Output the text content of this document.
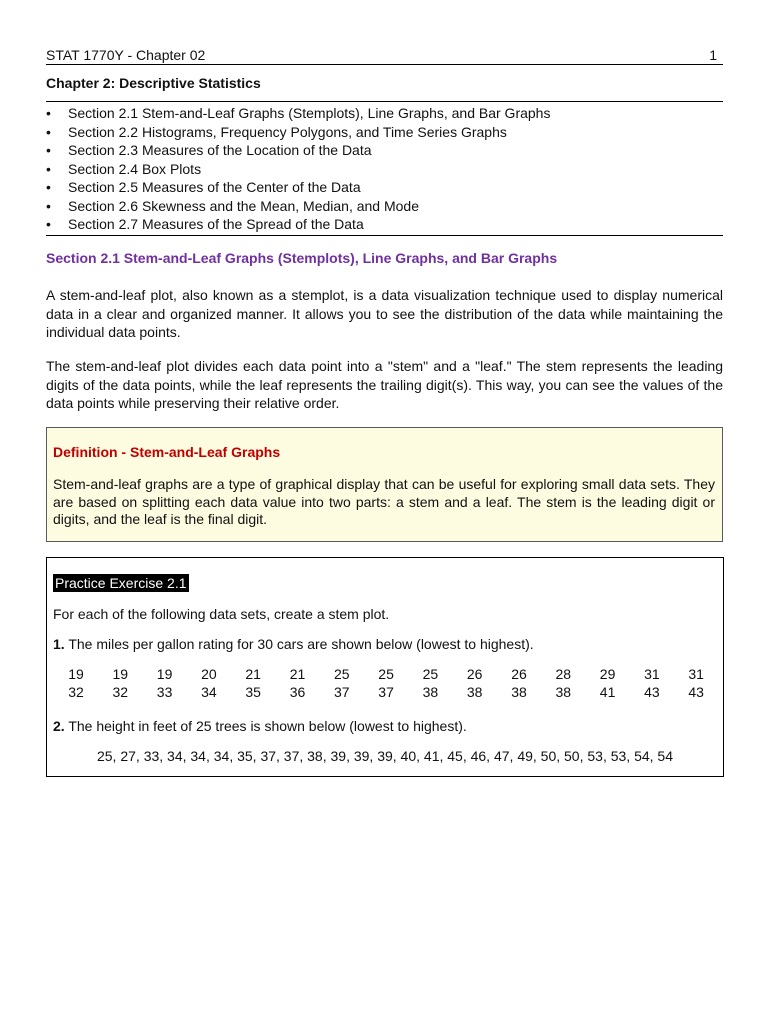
STAT 1770Y - Chapter 02	1
Chapter 2: Descriptive Statistics
• Section 2.1 Stem-and-Leaf Graphs (Stemplots), Line Graphs, and Bar Graphs
• Section 2.2 Histograms, Frequency Polygons, and Time Series Graphs
• Section 2.3 Measures of the Location of the Data
• Section 2.4 Box Plots
• Section 2.5 Measures of the Center of the Data
• Section 2.6 Skewness and the Mean, Median, and Mode
• Section 2.7 Measures of the Spread of the Data
Section 2.1 Stem-and-Leaf Graphs (Stemplots), Line Graphs, and Bar Graphs
A stem-and-leaf plot, also known as a stemplot, is a data visualization technique used to display numerical data in a clear and organized manner. It allows you to see the distribution of the data while maintaining the individual data points.
The stem-and-leaf plot divides each data point into a "stem" and a "leaf." The stem represents the leading digits of the data points, while the leaf represents the trailing digit(s). This way, you can see the values of the data points while preserving their relative order.
Definition - Stem-and-Leaf Graphs
Stem-and-leaf graphs are a type of graphical display that can be useful for exploring small data sets. They are based on splitting each data value into two parts: a stem and a leaf. The stem is the leading digit or digits, and the leaf is the final digit.
Practice Exercise 2.1
For each of the following data sets, create a stem plot.
1. The miles per gallon rating for 30 cars are shown below (lowest to highest).
19	19	19	20	21	21	25	25	25	26	26	28	29	31	31
32	32	33	34	35	36	37	37	38	38	38	38	41	43	43
2. The height in feet of 25 trees is shown below (lowest to highest).
25, 27, 33, 34, 34, 34, 35, 37, 37, 38, 39, 39, 39, 40, 41, 45, 46, 47, 49, 50, 50, 53, 53, 54, 54
